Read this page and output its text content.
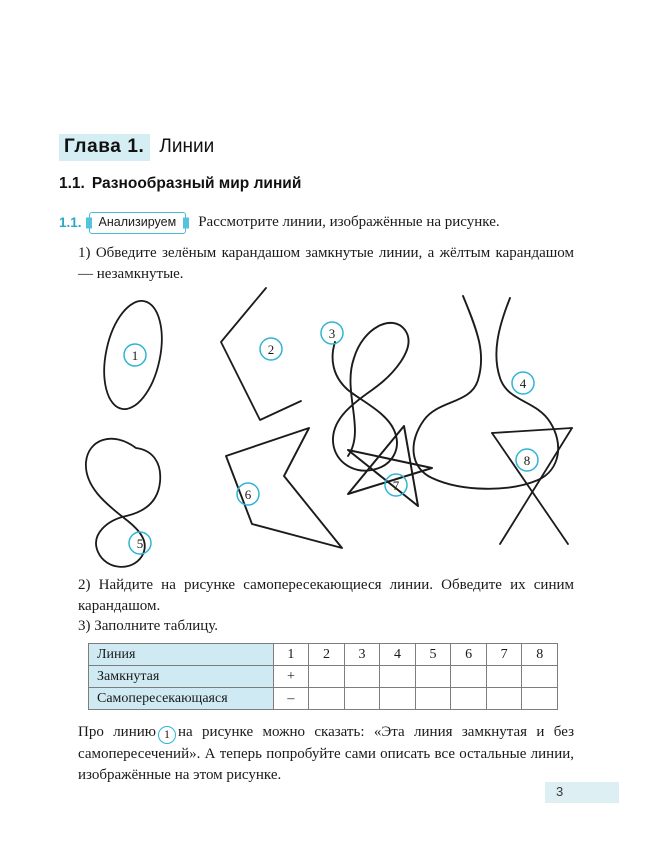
Глава 1. Линии
1.1. Разнообразный мир линий
1.1.	Анализируем	Рассмотрите линии, изображённые на рисунке.
1) Обведите зелёным карандашом замкнутые линии, а жёлтым карандашом — незамкнутые.
1	2
3
4
5
6
7
8
2) Найдите на рисунке самопересекающиеся линии. Обведите их синим карандашом.
3) Заполните таблицу.
Линия	1	2	3	4	5	6	7	8
Замкнутая	+							
Самопересекающаяся	–							
Про линию 1 на рисунке можно сказать: «Эта линия замкнутая и без самопересечений». А теперь попробуйте сами описать все остальные линии, изображённые на этом рисунке.
3
